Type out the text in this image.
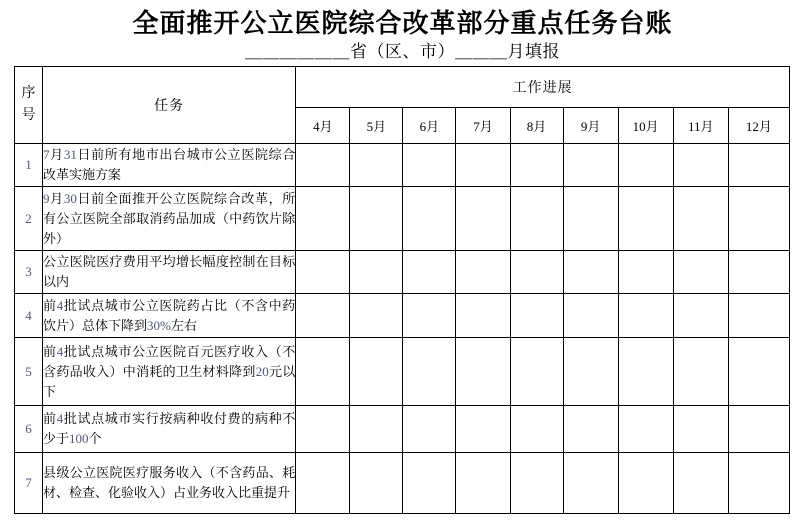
全面推开公立医院综合改革部分重点任务台账
＿＿＿＿＿＿省（区、市）＿＿＿月填报
序号	任务	工作进展								
		4月	5月	6月	7月	8月	9月	10月	11月	12月
1	7月31日前所有地市出台城市公立医院综合改革实施方案									
2	9月30日前全面推开公立医院综合改革，所有公立医院全部取消药品加成（中药饮片除外）									
3	公立医院医疗费用平均增长幅度控制在目标以内									
4	前4批试点城市公立医院药占比（不含中药饮片）总体下降到30%左右									
5	前4批试点城市公立医院百元医疗收入（不含药品收入）中消耗的卫生材料降到20元以下									
6	前4批试点城市实行按病种收付费的病种不少于100个									
7	县级公立医院医疗服务收入（不含药品、耗材、检查、化验收入）占业务收入比重提升									
